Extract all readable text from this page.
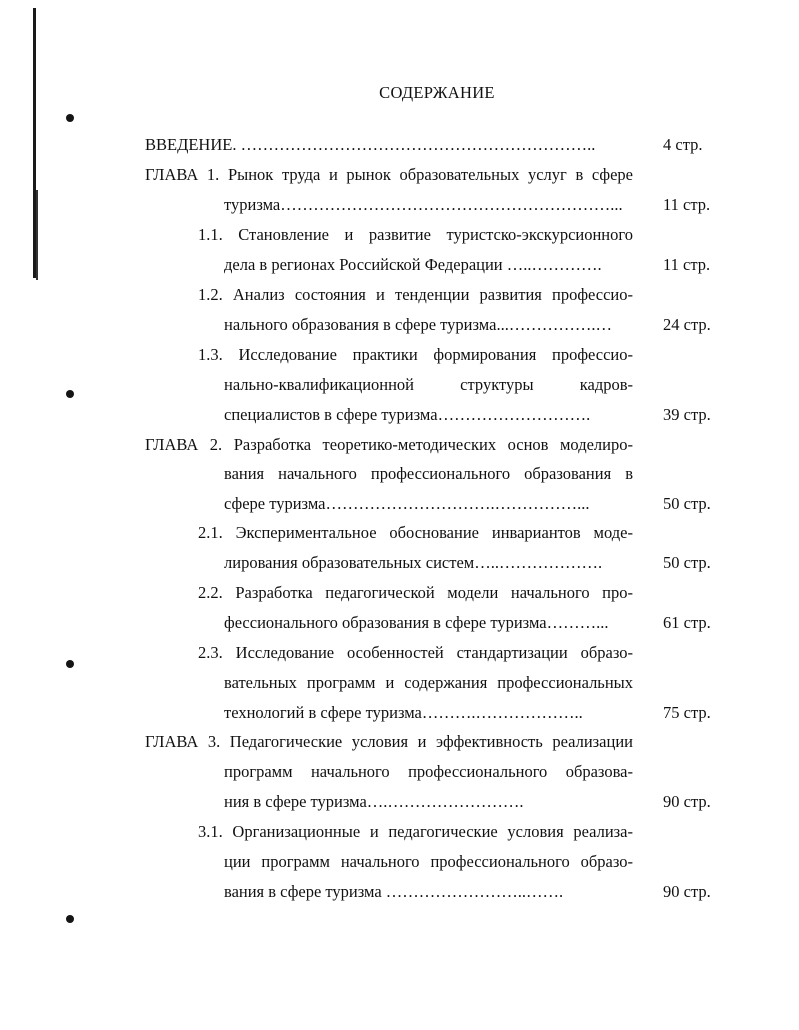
СОДЕРЖАНИЕ
ВВЕДЕНИЕ. ………………………………………………………..	4 стр.
ГЛАВА 1. Рынок труда и рынок образовательных услуг в сфере
туризма……………………………………………………... 11 стр.
1.1. Становление и развитие туристско-экскурсионного
дела в регионах Российской Федерации …..………….	11 стр.
1.2. Анализ состояния и тенденции развития профессио-
нального образования в сфере туризма...…………….…	24 стр.
1.3. Исследование практики формирования профессио-
нально-квалификационной структуры кадров-
специалистов в сфере туризма……………………….	39 стр.
ГЛАВА 2. Разработка теоретико-методических основ моделиро-
вания начального профессионального образования в
сфере туризма………………………….……………...	50 стр.
2.1. Экспериментальное обоснование инвариантов моде-
лирования образовательных систем…..……………….	50 стр.
2.2. Разработка педагогической модели начального про-
фессионального образования в сфере туризма………...	61 стр.
2.3. Исследование особенностей стандартизации образо-
вательных программ и содержания профессиональных
технологий в сфере туризма……….………………..	75 стр.
ГЛАВА 3. Педагогические условия и эффективность реализации
программ начального профессионального образова-
ния в сфере туризма….…………………….	90 стр.
3.1. Организационные и педагогические условия реализа-
ции программ начального профессионального образо-
вания в сфере туризма ……………………..…….	90 стр.
